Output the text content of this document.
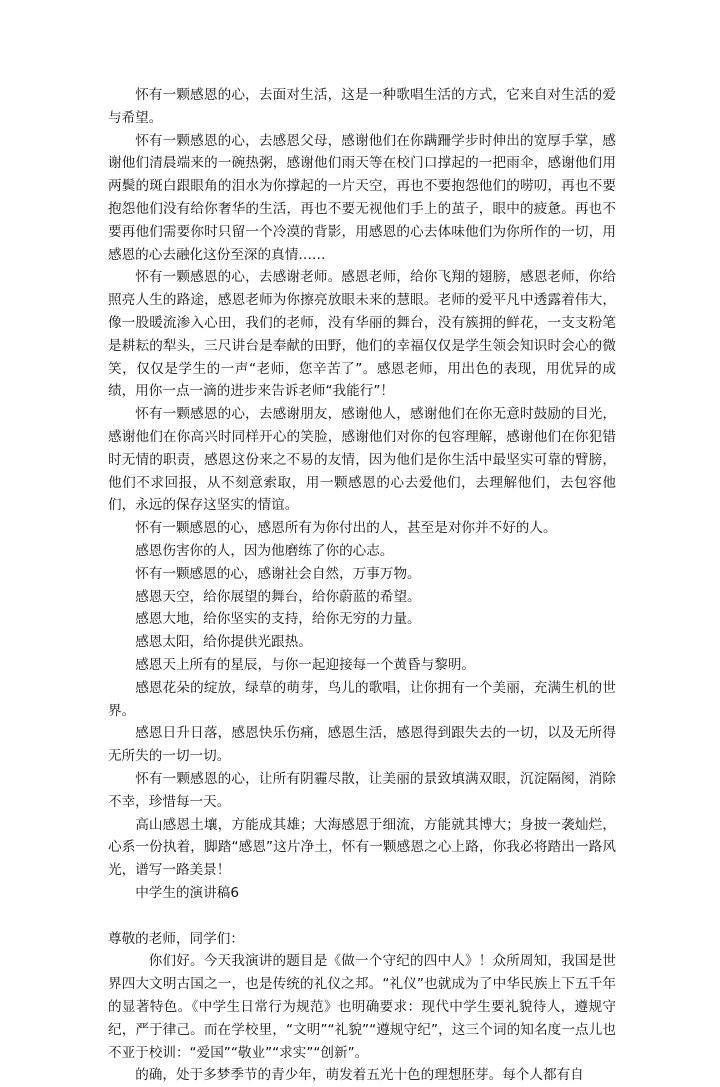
怀有一颗感恩的心，去面对生活，这是一种歌唱生活的方式，它来自对生活的爱与希望。

怀有一颗感恩的心，去感恩父母，感谢他们在你蹒跚学步时伸出的宽厚手掌，感谢他们清晨端来的一碗热粥，感谢他们雨天等在校门口撑起的一把雨伞，感谢他们用两鬓的斑白跟眼角的泪水为你撑起的一片天空，再也不要抱怨他们的唠叨，再也不要抱怨他们没有给你奢华的生活，再也不要无视他们手上的茧子，眼中的疲惫。再也不要再他们需要你时只留一个冷漠的背影，用感恩的心去体味他们为你所作的一切，用感恩的心去融化这份至深的真情……

怀有一颗感恩的心，去感谢老师。感恩老师，给你飞翔的翅膀，感恩老师，你给照亮人生的路途，感恩老师为你擦亮放眼未来的慧眼。老师的爱平凡中透露着伟大，像一股暖流渗入心田，我们的老师，没有华丽的舞台，没有簇拥的鲜花，一支支粉笔是耕耘的犁头，三尺讲台是奉献的田野，他们的幸福仅仅是学生领会知识时会心的微笑，仅仅是学生的一声“老师，您辛苦了”。感恩老师，用出色的表现，用优异的成绩，用你一点一滴的进步来告诉老师“我能行”！

怀有一颗感恩的心，去感谢朋友，感谢他人，感谢他们在你无意时鼓励的目光，感谢他们在你高兴时同样开心的笑脸，感谢他们对你的包容理解，感谢他们在你犯错时无情的职责，感恩这份来之不易的友情，因为他们是你生活中最坚实可靠的臂膀，他们不求回报，从不刻意索取，用一颗感恩的心去爱他们，去理解他们，去包容他们，永远的保存这坚实的情谊。

怀有一颗感恩的心，感恩所有为你付出的人，甚至是对你并不好的人。

感恩伤害你的人，因为他磨练了你的心志。

怀有一颗感恩的心，感谢社会自然，万事万物。

感恩天空，给你展望的舞台，给你蔚蓝的希望。

感恩大地，给你坚实的支持，给你无穷的力量。

感恩太阳，给你提供光跟热。

感恩天上所有的星辰，与你一起迎接每一个黄昏与黎明。

感恩花朵的绽放，绿草的萌芽，鸟儿的歌唱，让你拥有一个美丽，充满生机的世界。

感恩日升日落，感恩快乐伤痛，感恩生活，感恩得到跟失去的一切，以及无所得无所失的一切一切。

怀有一颗感恩的心，让所有阴霾尽散，让美丽的景致填满双眼，沉淀隔阂，消除不幸，珍惜每一天。

高山感恩土壤，方能成其雄；大海感恩于细流，方能就其博大；身披一袭灿烂，心系一份执着，脚踏“感恩”这片净土，怀有一颗感恩之心上路，你我必将踏出一路风光，谱写一路美景！

中学生的演讲稿6

尊敬的老师，同学们：

你们好。今天我演讲的题目是《做一个守纪的四中人》！众所周知，我国是世界四大文明古国之一，也是传统的礼仪之邦。“礼仪”也就成为了中华民族上下五千年的显著特色。《中学生日常行为规范》也明确要求：现代中学生要礼貌待人，遵规守纪，严于律己。而在学校里，“文明”“礼貌”“遵规守纪”，这三个词的知名度一点儿也不亚于校训：“爱国”“敬业”“求实”“创新”。

的确，处于多梦季节的青少年，萌发着五光十色的理想胚芽。每个人都有自
